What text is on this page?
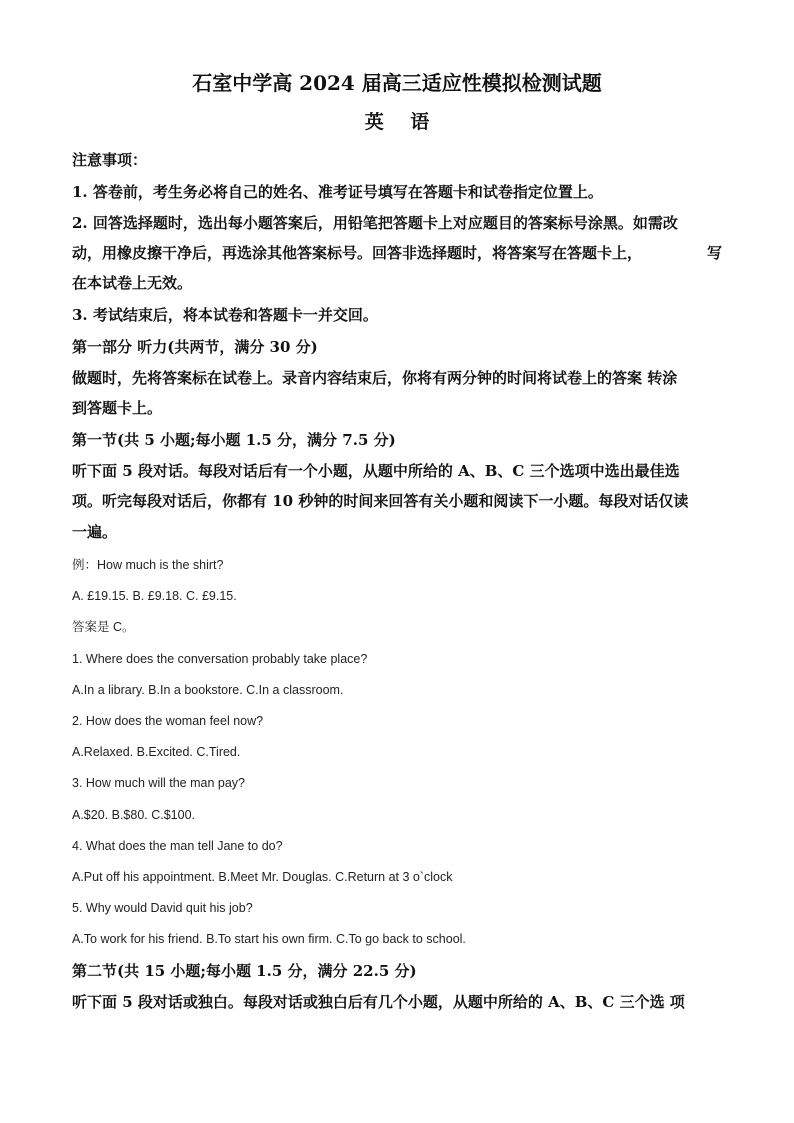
石室中学高 2024 届高三适应性模拟检测试题
英 语
注意事项：
1. 答卷前，考生务必将自己的姓名、准考证号填写在答题卡和试卷指定位置上。
2. 回答选择题时，选出每小题答案后，用铅笔把答题卡上对应题目的答案标号涂黑。如需改
动，用橡皮擦干净后，再选涂其他答案标号。回答非选择题时，将答案写在答题卡上，	写
在本试卷上无效。
3. 考试结束后，将本试卷和答题卡一并交回。
第一部分 听力(共两节，满分 30 分)
做题时，先将答案标在试卷上。录音内容结束后，你将有两分钟的时间将试卷上的答案 转涂
到答题卡上。
第一节(共 5 小题;每小题 1.5 分，满分 7.5 分)
听下面 5 段对话。每段对话后有一个小题，从题中所给的 A、B、C 三个选项中选出最佳选
项。听完每段对话后，你都有 10 秒钟的时间来回答有关小题和阅读下一小题。每段对话仅读
一遍。
例：How much is the shirt?
A. £19.15. B. £9.18. C. £9.15.
答案是 C。
1. Where does the conversation probably take place?
A.In a library. B.In a bookstore. C.In a classroom.
2. How does the woman feel now?
A.Relaxed. B.Excited. C.Tired.
3. How much will the man pay?
A.$20. B.$80. C.$100.
4. What does the man tell Jane to do?
A.Put off his appointment. B.Meet Mr. Douglas. C.Return at 3 o`clock
5. Why would David quit his job?
A.To work for his friend. B.To start his own firm. C.To go back to school.
第二节(共 15 小题;每小题 1.5 分，满分 22.5 分)
听下面 5 段对话或独白。每段对话或独白后有几个小题，从题中所给的 A、B、C 三个选 项
